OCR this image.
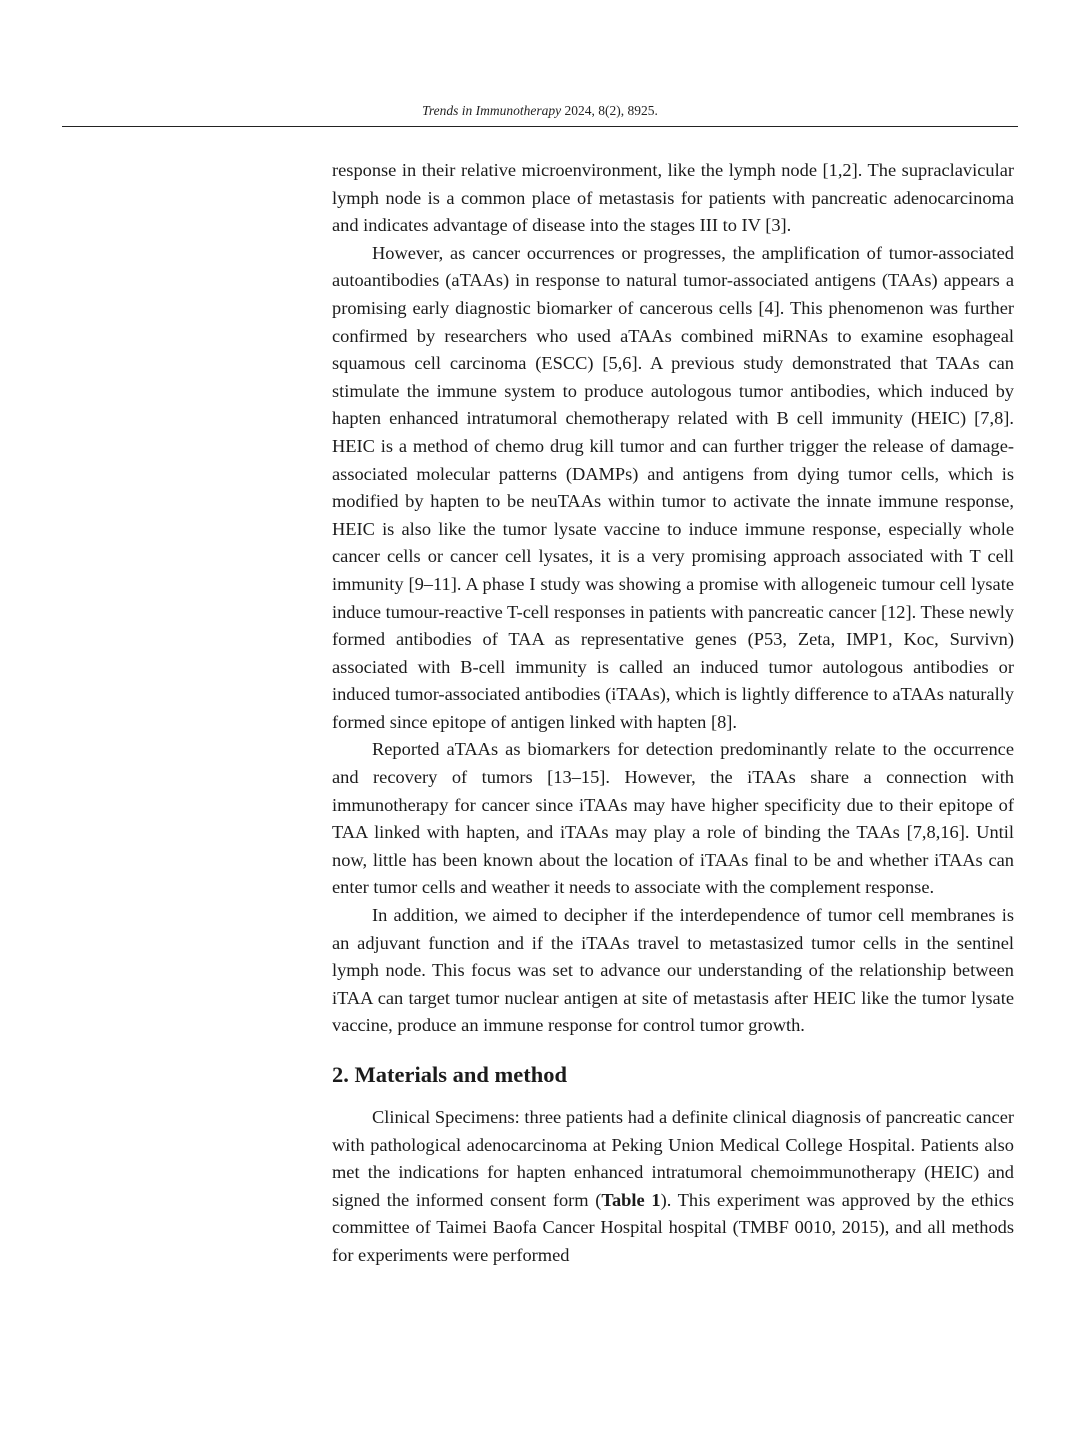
Trends in Immunotherapy 2024, 8(2), 8925.

response in their relative microenvironment, like the lymph node [1,2]. The supraclavicular lymph node is a common place of metastasis for patients with pancreatic adenocarcinoma and indicates advantage of disease into the stages III to IV [3].

However, as cancer occurrences or progresses, the amplification of tumor-associated autoantibodies (aTAAs) in response to natural tumor-associated antigens (TAAs) appears a promising early diagnostic biomarker of cancerous cells [4]. This phenomenon was further confirmed by researchers who used aTAAs combined miRNAs to examine esophageal squamous cell carcinoma (ESCC) [5,6]. A previous study demonstrated that TAAs can stimulate the immune system to produce autologous tumor antibodies, which induced by hapten enhanced intratumoral chemotherapy related with B cell immunity (HEIC) [7,8]. HEIC is a method of chemo drug kill tumor and can further trigger the release of damage-associated molecular patterns (DAMPs) and antigens from dying tumor cells, which is modified by hapten to be neuTAAs within tumor to activate the innate immune response, HEIC is also like the tumor lysate vaccine to induce immune response, especially whole cancer cells or cancer cell lysates, it is a very promising approach associated with T cell immunity [9–11]. A phase I study was showing a promise with allogeneic tumour cell lysate induce tumour-reactive T-cell responses in patients with pancreatic cancer [12]. These newly formed antibodies of TAA as representative genes (P53, Zeta, IMP1, Koc, Survivn) associated with B-cell immunity is called an induced tumor autologous antibodies or induced tumor-associated antibodies (iTAAs), which is lightly difference to aTAAs naturally formed since epitope of antigen linked with hapten [8].

Reported aTAAs as biomarkers for detection predominantly relate to the occurrence and recovery of tumors [13–15]. However, the iTAAs share a connection with immunotherapy for cancer since iTAAs may have higher specificity due to their epitope of TAA linked with hapten, and iTAAs may play a role of binding the TAAs [7,8,16]. Until now, little has been known about the location of iTAAs final to be and whether iTAAs can enter tumor cells and weather it needs to associate with the complement response.

In addition, we aimed to decipher if the interdependence of tumor cell membranes is an adjuvant function and if the iTAAs travel to metastasized tumor cells in the sentinel lymph node. This focus was set to advance our understanding of the relationship between iTAA can target tumor nuclear antigen at site of metastasis after HEIC like the tumor lysate vaccine, produce an immune response for control tumor growth.

2. Materials and method

Clinical Specimens: three patients had a definite clinical diagnosis of pancreatic cancer with pathological adenocarcinoma at Peking Union Medical College Hospital. Patients also met the indications for hapten enhanced intratumoral chemoimmunotherapy (HEIC) and signed the informed consent form (Table 1). This experiment was approved by the ethics committee of Taimei Baofa Cancer Hospital hospital (TMBF 0010, 2015), and all methods for experiments were performed
